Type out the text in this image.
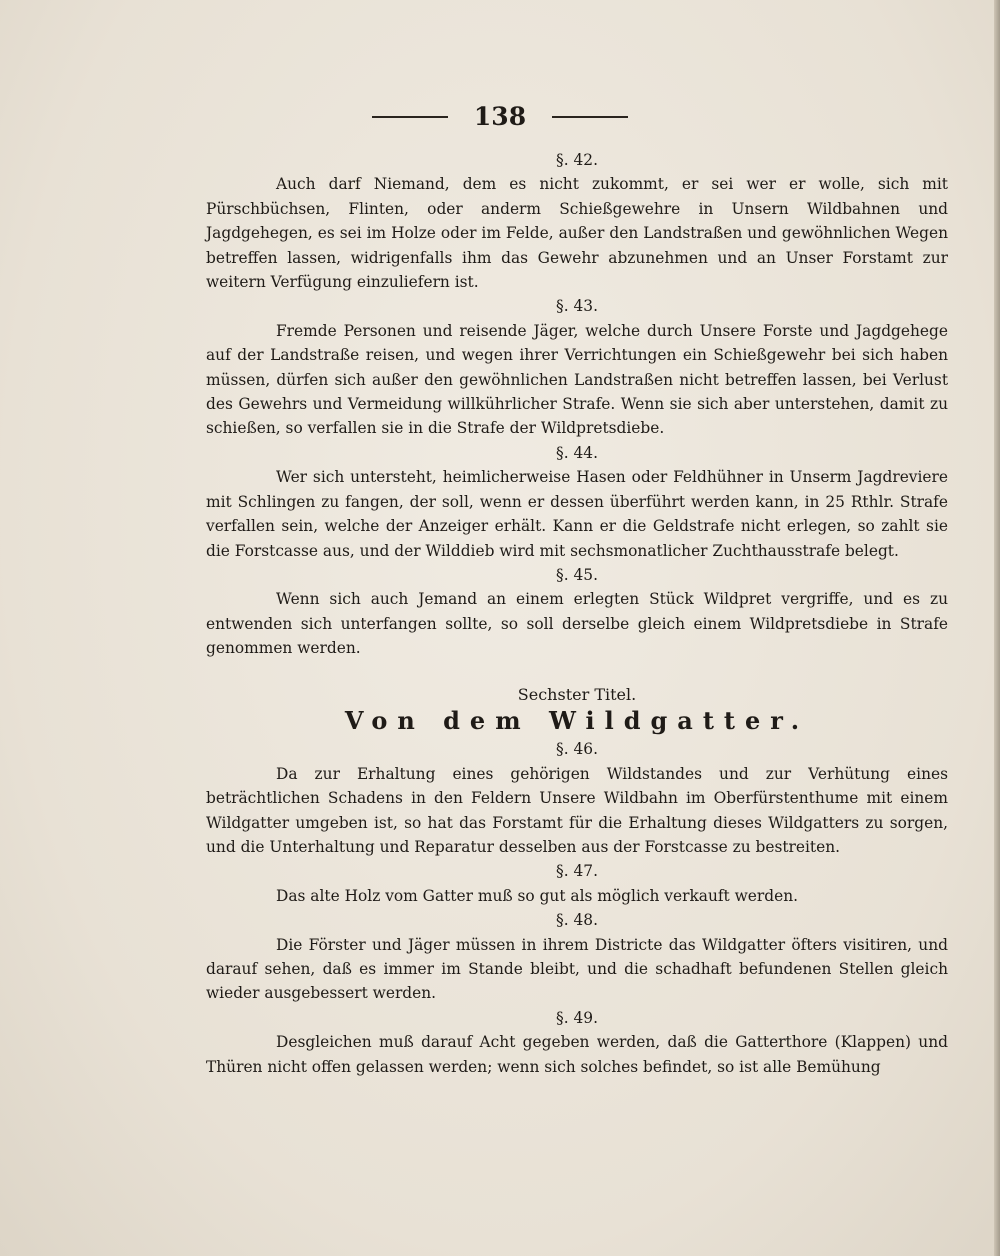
138

§. 42.

Auch darf Niemand, dem es nicht zukommt, er sei wer er wolle, sich mit Pürschbüchsen, Flinten, oder anderm Schießgewehre in Unsern Wildbahnen und Jagdgehegen, es sei im Holze oder im Felde, außer den Landstraßen und gewöhnlichen Wegen betreffen lassen, widrigenfalls ihm das Gewehr abzunehmen und an Unser Forstamt zur weitern Verfügung einzuliefern ist.

§. 43.

Fremde Personen und reisende Jäger, welche durch Unsere Forste und Jagdgehege auf der Landstraße reisen, und wegen ihrer Verrichtungen ein Schießgewehr bei sich haben müssen, dürfen sich außer den gewöhnlichen Landstraßen nicht betreffen lassen, bei Verlust des Gewehrs und Vermeidung willkührlicher Strafe. Wenn sie sich aber unterstehen, damit zu schießen, so verfallen sie in die Strafe der Wildpretsdiebe.

§. 44.

Wer sich untersteht, heimlicherweise Hasen oder Feldhühner in Unserm Jagdreviere mit Schlingen zu fangen, der soll, wenn er dessen überführt werden kann, in 25 Rthlr. Strafe verfallen sein, welche der Anzeiger erhält. Kann er die Geldstrafe nicht erlegen, so zahlt sie die Forstcasse aus, und der Wilddieb wird mit sechsmonatlicher Zuchthausstrafe belegt.

§. 45.

Wenn sich auch Jemand an einem erlegten Stück Wildpret vergriffe, und es zu entwenden sich unterfangen sollte, so soll derselbe gleich einem Wildpretsdiebe in Strafe genommen werden.

Sechster Titel.

Von dem Wildgatter.

§. 46.

Da zur Erhaltung eines gehörigen Wildstandes und zur Verhütung eines beträchtlichen Schadens in den Feldern Unsere Wildbahn im Oberfürstenthume mit einem Wildgatter umgeben ist, so hat das Forstamt für die Erhaltung dieses Wildgatters zu sorgen, und die Unterhaltung und Reparatur desselben aus der Forstcasse zu bestreiten.

§. 47.

Das alte Holz vom Gatter muß so gut als möglich verkauft werden.

§. 48.

Die Förster und Jäger müssen in ihrem Districte das Wildgatter öfters visitiren, und darauf sehen, daß es immer im Stande bleibt, und die schadhaft befundenen Stellen gleich wieder ausgebessert werden.

§. 49.

Desgleichen muß darauf Acht gegeben werden, daß die Gatterthore (Klappen) und Thüren nicht offen gelassen werden; wenn sich solches befindet, so ist alle Bemühung
